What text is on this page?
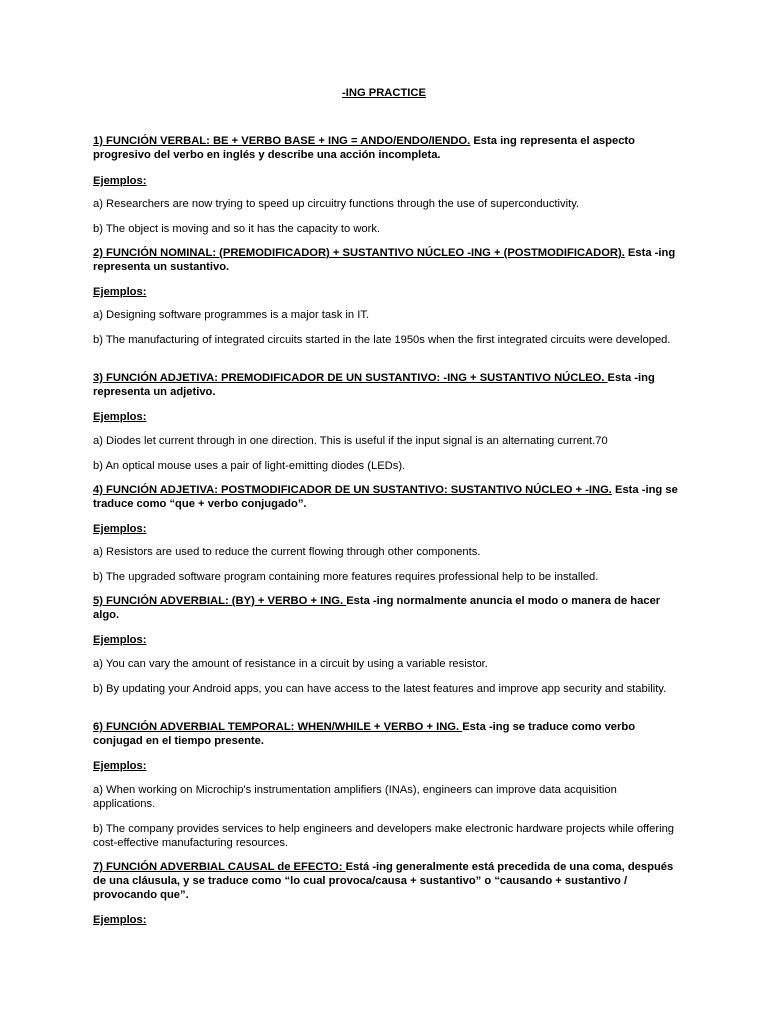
-ING PRACTICE
1) FUNCIÓN VERBAL: BE + VERBO BASE + ING = ANDO/ENDO/IENDO. Esta ing representa el aspecto progresivo del verbo en inglés y describe una acción incompleta.
Ejemplos:
a) Researchers are now trying to speed up circuitry functions through the use of superconductivity.
b) The object is moving and so it has the capacity to work.
2) FUNCIÓN NOMINAL: (PREMODIFICADOR) + SUSTANTIVO NÚCLEO -ING + (POSTMODIFICADOR). Esta -ing representa un sustantivo.
Ejemplos:
a) Designing software programmes is a major task in IT.
b) The manufacturing of integrated circuits started in the late 1950s when the first integrated circuits were developed.
3) FUNCIÓN ADJETIVA: PREMODIFICADOR DE UN SUSTANTIVO: -ING + SUSTANTIVO NÚCLEO. Esta -ing representa un adjetivo.
Ejemplos:
a) Diodes let current through in one direction. This is useful if the input signal is an alternating current.70
b) An optical mouse uses a pair of light-emitting diodes (LEDs).
4) FUNCIÓN ADJETIVA: POSTMODIFICADOR DE UN SUSTANTIVO: SUSTANTIVO NÚCLEO + -ING. Esta -ing se traduce como “que + verbo conjugado”.
Ejemplos:
a) Resistors are used to reduce the current flowing through other components.
b) The upgraded software program containing more features requires professional help to be installed.
5) FUNCIÓN ADVERBIAL: (BY) + VERBO + ING. Esta -ing normalmente anuncia el modo o manera de hacer algo.
Ejemplos:
a) You can vary the amount of resistance in a circuit by using a variable resistor.
b) By updating your Android apps, you can have access to the latest features and improve app security and stability.
6) FUNCIÓN ADVERBIAL TEMPORAL: WHEN/WHILE + VERBO + ING. Esta -ing se traduce como verbo conjugad en el tiempo presente.
Ejemplos:
a) When working on Microchip's instrumentation amplifiers (INAs), engineers can improve data acquisition applications.
b) The company provides services to help engineers and developers make electronic hardware projects while offering cost-effective manufacturing resources.
7) FUNCIÓN ADVERBIAL CAUSAL de EFECTO: Está -ing generalmente está precedida de una coma, después de una cláusula, y se traduce como “lo cual provoca/causa + sustantivo” o “causando + sustantivo / provocando que”.
Ejemplos:
